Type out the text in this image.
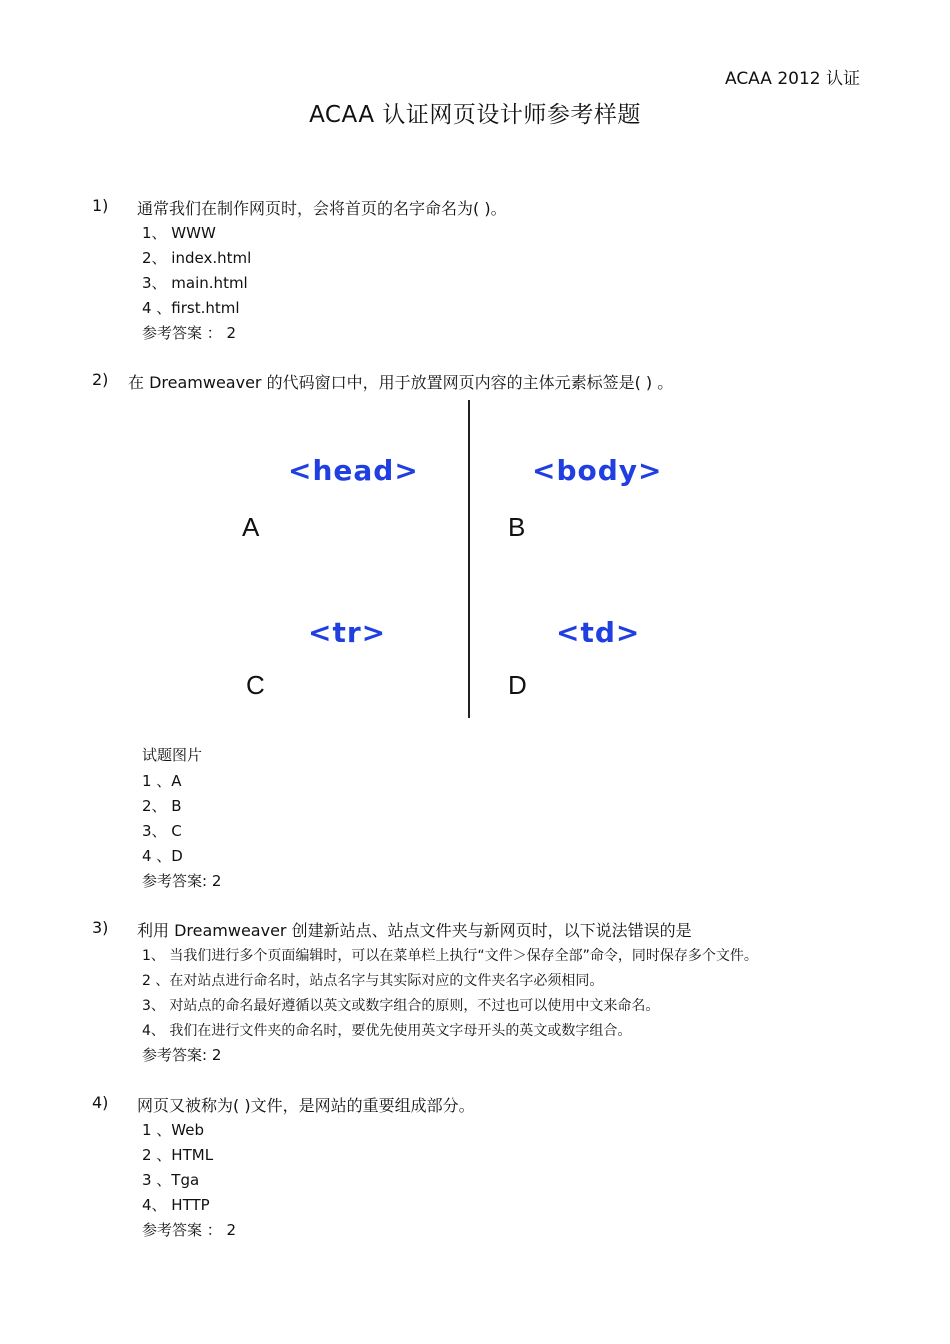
ACAA 2012 认证
ACAA 认证网页设计师参考样题
1) 通常我们在制作网页时，会将首页的名字命名为( )。
1、 WWW
2、 index.html
3、 main.html
4 、first.html
参考答案 ： 2
2) 在 Dreamweaver 的代码窗口中，用于放置网页内容的主体元素标签是( ) 。
<head>	<body>
A	B
<tr>	<td>
C	D
试题图片
1 、A
2、 B
3、 C
4 、D
参考答案: 2
3) 利用 Dreamweaver 创建新站点、站点文件夹与新网页时，以下说法错误的是
1、 当我们进行多个页面编辑时，可以在菜单栏上执行“文件＞保存全部”命令，同时保存多个文件。
2 、在对站点进行命名时，站点名字与其实际对应的文件夹名字必须相同。
3、 对站点的命名最好遵循以英文或数字组合的原则，不过也可以使用中文来命名。
4、 我们在进行文件夹的命名时，要优先使用英文字母开头的英文或数字组合。
参考答案: 2
4) 网页又被称为( )文件，是网站的重要组成部分。
1 、Web
2 、HTML
3 、Tga
4、 HTTP
参考答案 ： 2
